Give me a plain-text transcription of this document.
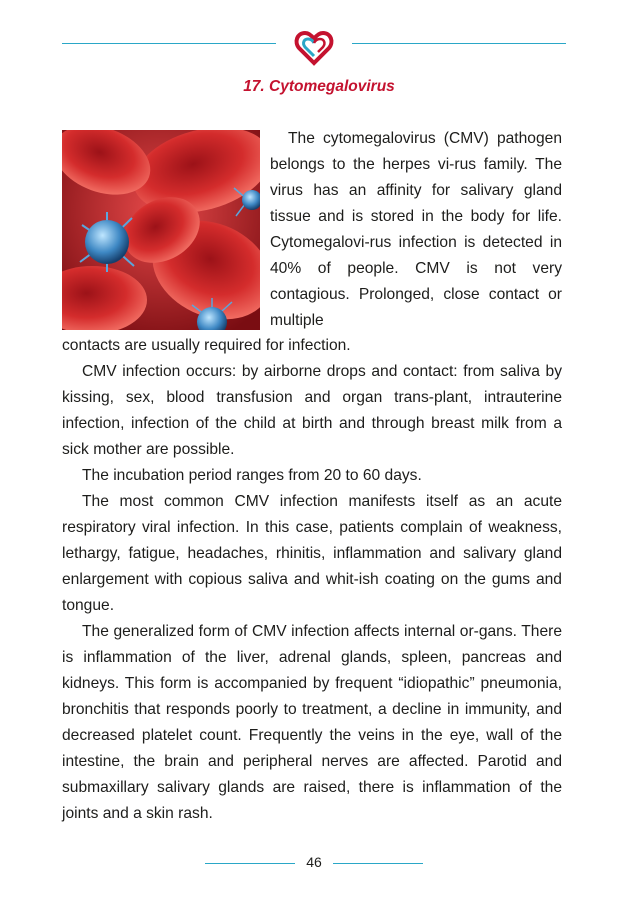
17. Cytomegalovirus
The cytomegalovirus (CMV) pathogen belongs to the herpes vi-rus family. The virus has an affinity for salivary gland tissue and is stored in the body for life. Cytomegalovi-rus infection is detected in 40% of people. CMV is not very contagious. Prolonged, close contact or multiple

contacts are usually required for infection.

CMV infection occurs: by airborne drops and contact: from saliva by kissing, sex, blood transfusion and organ trans-plant, intrauterine infection, infection of the child at birth and through breast milk from a sick mother are possible.

The incubation period ranges from 20 to 60 days.

The most common CMV infection manifests itself as an acute respiratory viral infection. In this case, patients complain of weakness, lethargy, fatigue, headaches, rhinitis, inflammation and salivary gland enlargement with copious saliva and whit-ish coating on the gums and tongue.

The generalized form of CMV infection affects internal or-gans. There is inflammation of the liver, adrenal glands, spleen, pancreas and kidneys. This form is accompanied by frequent “idiopathic” pneumonia, bronchitis that responds poorly to treatment, a decline in immunity, and decreased platelet count. Frequently the veins in the eye, wall of the intestine, the brain and peripheral nerves are affected. Parotid and submaxillary salivary glands are raised, there is inflammation of the joints and a skin rash.

46
